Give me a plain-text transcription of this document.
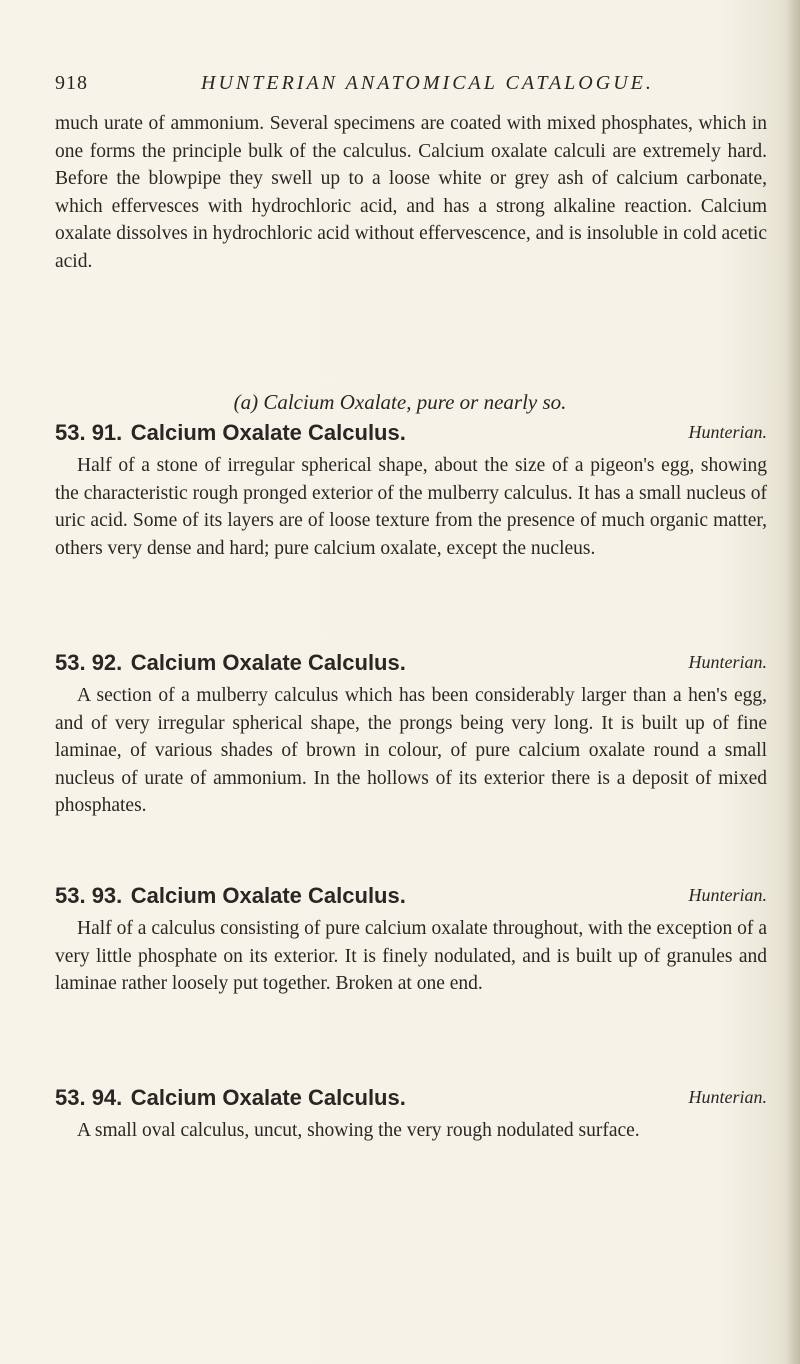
918	HUNTERIAN ANATOMICAL CATALOGUE.

much urate of ammonium. Several specimens are coated with mixed phosphates, which in one forms the principle bulk of the calculus. Calcium oxalate calculi are extremely hard. Before the blowpipe they swell up to a loose white or grey ash of calcium carbonate, which effervesces with hydrochloric acid, and has a strong alkaline reaction. Calcium oxalate dissolves in hydrochloric acid without effervescence, and is insoluble in cold acetic acid.

(a) Calcium Oxalate, pure or nearly so.
53. 91. Calcium Oxalate Calculus.	Hunterian.

Half of a stone of irregular spherical shape, about the size of a pigeon's egg, showing the characteristic rough pronged exterior of the mulberry calculus. It has a small nucleus of uric acid. Some of its layers are of loose texture from the presence of much organic matter, others very dense and hard; pure calcium oxalate, except the nucleus.

53. 92. Calcium Oxalate Calculus.	Hunterian.

A section of a mulberry calculus which has been considerably larger than a hen's egg, and of very irregular spherical shape, the prongs being very long. It is built up of fine laminae, of various shades of brown in colour, of pure calcium oxalate round a small nucleus of urate of ammonium. In the hollows of its exterior there is a deposit of mixed phosphates.

53. 93. Calcium Oxalate Calculus.	Hunterian.

Half of a calculus consisting of pure calcium oxalate throughout, with the exception of a very little phosphate on its exterior. It is finely nodulated, and is built up of granules and laminae rather loosely put together. Broken at one end.

53. 94. Calcium Oxalate Calculus.	Hunterian.

A small oval calculus, uncut, showing the very rough nodulated surface.
